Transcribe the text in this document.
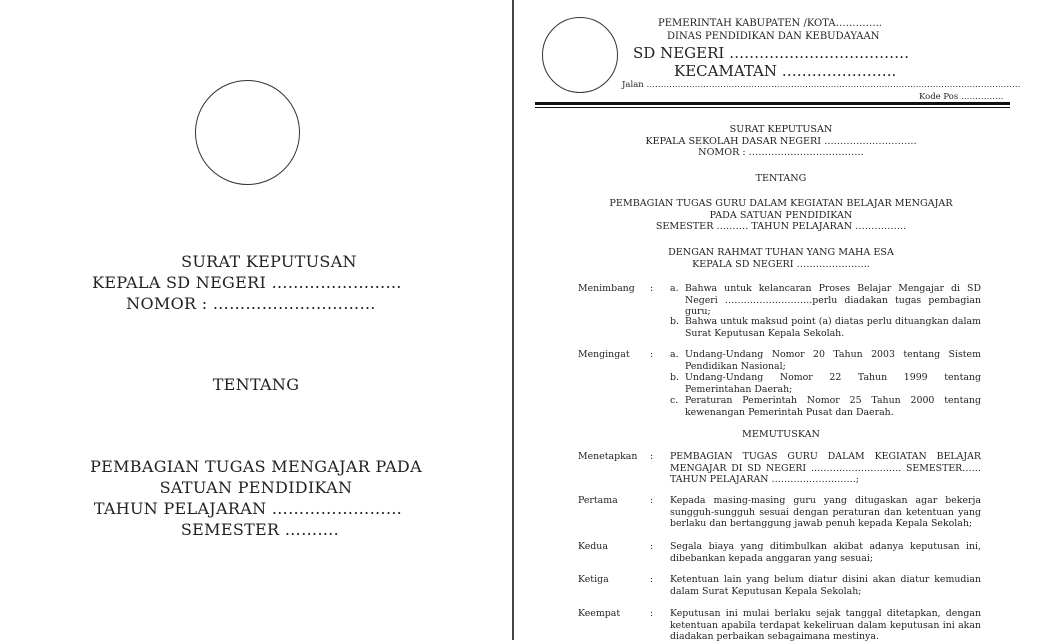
SURAT KEPUTUSAN
KEPALA SD NEGERI ……………………
NOMOR : …………………………
TENTANG
PEMBAGIAN TUGAS MENGAJAR PADA
SATUAN PENDIDIKAN
TAHUN PELAJARAN ……………………
SEMESTER ……….
PEMERINTAH KABUPATEN /KOTA…………..
DINAS PENDIDIKAN DAN KEBUDAYAAN
SD NEGERI ………………………………
KECAMATAN …………………..
Jalan ……………………………………………………………………………………………………………………
Kode Pos ……………
SURAT KEPUTUSAN
KEPALA SEKOLAH DASAR NEGERI ………………………..
NOMOR : ………………………………
TENTANG
PEMBAGIAN TUGAS GURU DALAM KEGIATAN BELAJAR MENGAJAR
PADA SATUAN PENDIDIKAN
SEMESTER ………. TAHUN PELAJARAN …………….
DENGAN RAHMAT TUHAN YANG MAHA ESA
KEPALA SD NEGERI …………………..
Menimbang : a. Bahwa untuk kelancaran Proses Belajar Mengajar di SD Negeri ……………………….perlu diadakan tugas pembagian guru;
b. Bahwa untuk maksud point (a) diatas perlu dituangkan dalam Surat Keputusan Kepala Sekolah.
Mengingat : a. Undang-Undang Nomor 20 Tahun 2003 tentang Sistem Pendidikan Nasional;
b. Undang-Undang Nomor 22 Tahun 1999 tentang Pemerintahan Daerah;
c. Peraturan Pemerintah Nomor 25 Tahun 2000 tentang kewenangan Pemerintah Pusat dan Daerah.
MEMUTUSKAN
Menetapkan : PEMBAGIAN TUGAS GURU DALAM KEGIATAN BELAJAR MENGAJAR DI SD NEGERI ……………………….. SEMESTER…… TAHUN PELAJARAN ………………………;
Pertama	: Kepada masing-masing guru yang ditugaskan agar bekerja sungguh-sungguh sesuai dengan peraturan dan ketentuan yang berlaku dan bertanggung jawab penuh kepada Kepala Sekolah;
Kedua	: Segala biaya yang ditimbulkan akibat adanya keputusan ini, dibebankan kepada anggaran yang sesuai;
Ketiga	: Ketentuan lain yang belum diatur disini akan diatur kemudian dalam Surat Keputusan Kepala Sekolah;
Keempat	: Keputusan ini mulai berlaku sejak tanggal ditetapkan, dengan ketentuan apabila terdapat kekeliruan dalam keputusan ini akan diadakan perbaikan sebagaimana mestinya.
